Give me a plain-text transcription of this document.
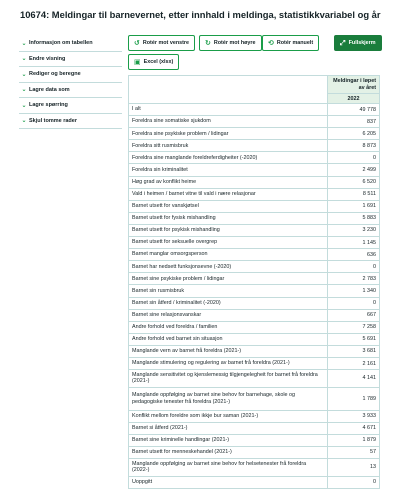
10674: Meldingar til barnevernet, etter innhald i meldinga, statistikkvariabel og år
⌄ Informasjon om tabellen
⌄ Endre visning
⌄ Rediger og beregne
⌄ Lagre data som
⌄ Lagre spørring
⌄ Skjul tomme rader
↺ Rotér mot venstre ↻ Rotér mot høyre ⟲ Rotér manuelt	⤢ Fullskjerm
▣ Excel (xlsx)
	Meldingar i løpet av året
	2022
I alt	49 778
Foreldra sine somatiske sjukdom	837
Foreldra sine psykiske problem / lidingar	6 205
Foreldra sitt rusmisbruk	8 873
Foreldra sine manglande foreldreferdigheiter (-2020)	0
Foreldra sin kriminalitet	2 499
Høg grad av konflikt heime	6 520
Vald i heimen / barnet vitne til vald i nære relasjonar	8 511
Barnet utsett for vanskjøtsel	1 691
Barnet utsett for fysisk mishandling	5 883
Barnet utsett for psykisk mishandling	3 230
Barnet utsett for seksuelle overgrep	1 145
Barnet manglar omsorgsperson	636
Barnet har nedsett funksjonsevne (-2020)	0
Barnet sine psykiske problem / lidingar	2 783
Barnet sin rusmisbruk	1 340
Barnet sin åtferd / kriminalitet (-2020)	0
Barnet sine relasjonsvanskar	667
Andre forhold ved foreldra / familien	7 258
Andre forhold ved barnet sin situasjon	5 691
Manglande vern av barnet frå foreldra (2021-)	3 681
Manglande stimulering og regulering av barnet frå foreldra (2021-)	2 161
Manglande sensitivitet og kjenslemessig tilgjengelegheit for barnet frå foreldra (2021-)	4 141
Manglande oppfølging av barnet sine behov for barnehage, skole og pedagogiske tenester frå foreldra (2021-)	1 789
Konflikt mellom foreldre som ikkje bur saman (2021-)	3 933
Barnet si åtferd (2021-)	4 671
Barnet sine kriminelle handlingar (2021-)	1 879
Barnet utsett for menneskehandel (2021-)	57
Manglande oppfølging av barnet sine behov for helsetenester frå foreldra (2022-)	13
Uoppgitt	0
